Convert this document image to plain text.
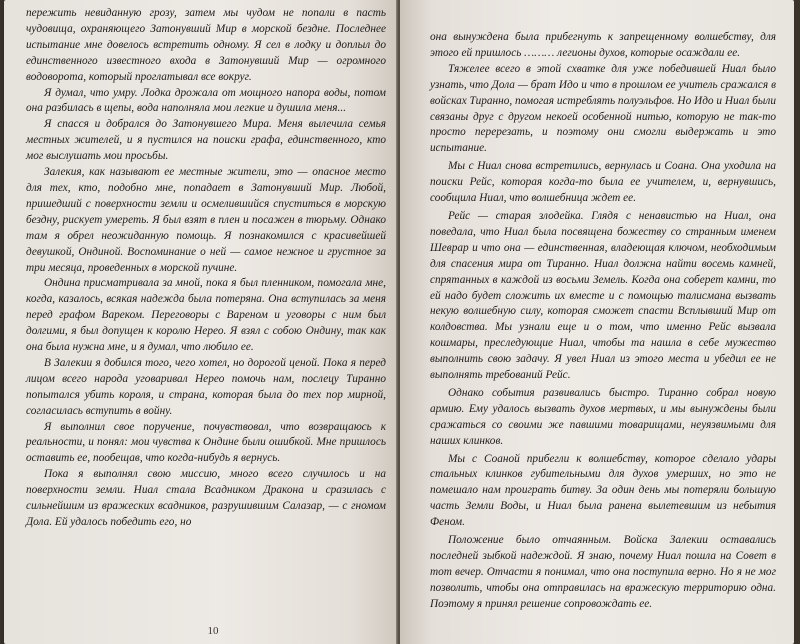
пережить невиданную грозу, затем мы чудом не попали в пасть чудовища, охраняющего Затонувший Мир в морской бездне. Последнее испытание мне довелось встретить одному. Я сел в лодку и доплыл до единственного известного входа в Затонувший Мир — огромного водоворота, который проглатывал все вокруг.

Я думал, что умру. Лодка дрожала от мощного напора воды, потом она разбилась в щепы, вода наполняла мои легкие и душила меня...

Я спасся и добрался до Затонувшего Мира. Меня вылечила семья местных жителей, и я пустился на поиски графа, единственного, кто мог выслушать мои просьбы.

Залекия, как называют ее местные жители, это — опасное место для тех, кто, подобно мне, попадает в Затонувший Мир. Любой, пришедший с поверхности земли и осмелившийся спуститься в морскую бездну, рискует умереть. Я был взят в плен и посажен в тюрьму. Однако там я обрел неожиданную помощь. Я познакомился с красивейшей девушкой, Ондиной. Воспоминание о ней — самое нежное и грустное за три месяца, проведенных в морской пучине.

Ондина присматривала за мной, пока я был пленником, помогала мне, когда, казалось, всякая надежда была потеряна. Она вступилась за меня перед графом Вареком. Переговоры с Вареном и уговоры с ним был долгими, я был допущен к королю Нерео. Я взял с собою Ондину, так как она была нужна мне, и я думал, что любило ее.

В Залекии я добился того, чего хотел, но дорогой ценой. Пока я перед лицом всего народа уговаривал Нерео помочь нам, послецу Тиранно попытался убить короля, и страна, которая была до тех пор мирной, согласилась вступить в войну.

Я выполнил свое поручение, почувствовал, что возвращаюсь к реальности, и понял: мои чувства к Ондине были ошибкой. Мне пришлось оставить ее, пообещав, что когда-нибудь я вернусь.

Пока я выполнял свою миссию, много всего случилось и на поверхности земли. Ниал стала Всадником Дракона и сразилась с сильнейшим из вражеских всадников, разрушившим Салазар, — с гномом Дола. Ей удалось победить его, но

10

она вынуждена была прибегнуть к запрещенному волшебству, для этого ей пришлось ……… легионы духов, которые осаждали ее.

Тяжелее всего в этой схватке для уже победившей Ниал было узнать, что Дола — брат Идо и что в прошлом ее учитель сражался в войсках Тиранно, помогая истреблять полуэльфов. Но Идо и Ниал были связаны друг с другом некоей особенной нитью, которую не так-то просто перерезать, и поэтому они смогли выдержать и это испытание.

Мы с Ниал снова встретились, вернулась и Соана. Она уходила на поиски Рейс, которая когда-то была ее учителем, и, вернувшись, сообщила Ниал, что волшебница ждет ее.

Рейс — старая злодейка. Глядя с ненавистью на Ниал, она поведала, что Ниал была посвящена божеству со странным именем Шеврар и что она — единственная, владеющая ключом, необходимым для спасения мира от Тиранно. Ниал должна найти восемь камней, спрятанных в каждой из восьми Земель. Когда она соберет камни, то ей надо будет сложить их вместе и с помощью талисмана вызвать некую волшебную силу, которая сможет спасти Всплывший Мир от колдовства. Мы узнали еще и о том, что именно Рейс вызвала кошмары, преследующие Ниал, чтобы та нашла в себе мужество выполнить свою задачу. Я увел Ниал из этого места и убедил ее не выполнять требований Рейс.

Однако события развивались быстро. Тиранно собрал новую армию. Ему удалось вызвать духов мертвых, и мы вынуждены были сражаться со своими же павшими товарищами, неуязвимыми для наших клинков.

Мы с Соаной прибегли к волшебству, которое сделало удары стальных клинков губительными для духов умерших, но это не помешало нам проиграть битву. За один день мы потеряли большую часть Земли Воды, и Ниал была ранена вылетевшим из небытия Феном.

Положение было отчаянным. Войска Залекии оставались последней зыбкой надеждой. Я знаю, почему Ниал пошла на Совет в тот вечер. Отчасти я понимал, что она поступила верно. Но я не мог позволить, чтобы она отправилась на вражескую территорию одна. Поэтому я принял решение сопровождать ее.
